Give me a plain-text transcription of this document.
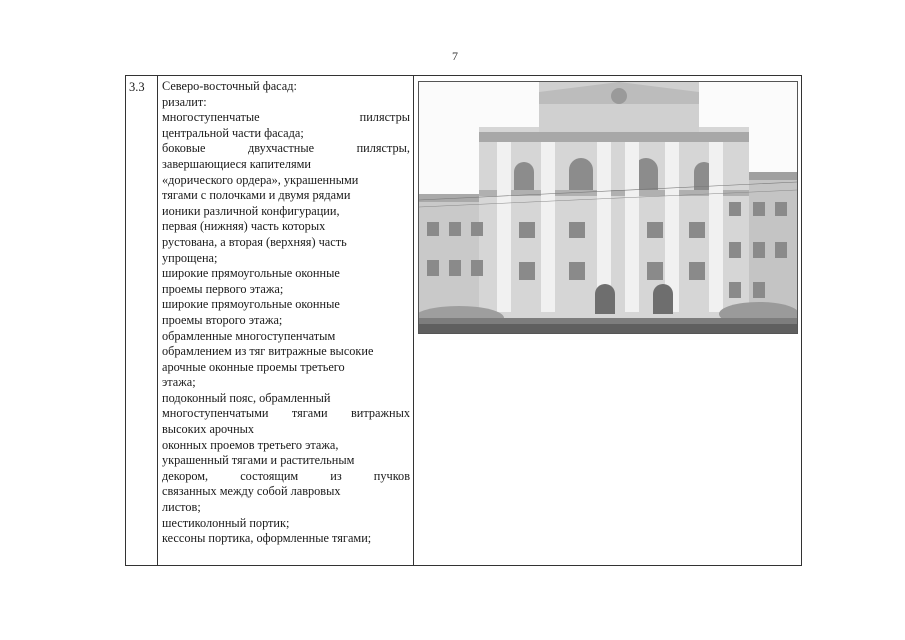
7
3.3	Северо-восточный фасад:
ризалит:
многоступенчатые пилястры
центральной части фасада;
боковые двухчастные пилястры,
завершающиеся капителями
«дорического ордера», украшенными
тягами с полочками и двумя рядами
ионики различной конфигурации,
первая (нижняя) часть которых
рустована, а вторая (верхняя) часть
упрощена;
широкие прямоугольные оконные
проемы первого этажа;
широкие прямоугольные оконные
проемы второго этажа;
обрамленные многоступенчатым
обрамлением из тяг витражные высокие
арочные оконные проемы третьего
этажа;
подоконный пояс, обрамленный
многоступенчатыми тягами витражных
высоких арочных
оконных проемов третьего этажа,
украшенный тягами и растительным
декором, состоящим из пучков
связанных между собой лавровых
листов;
шестиколонный портик;
кессоны портика, оформленные тягами;
